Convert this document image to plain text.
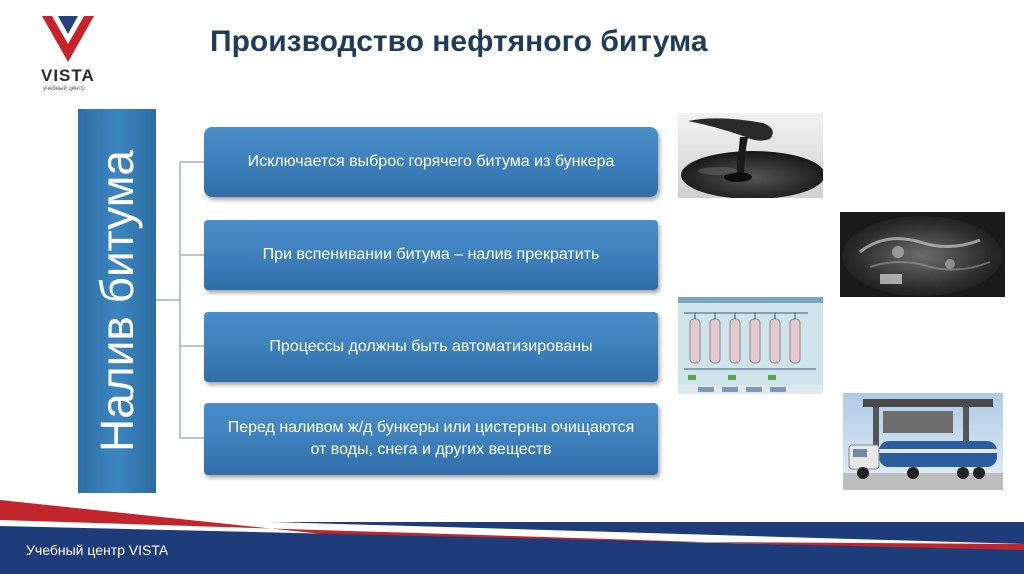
VISTA
учебный центр
Производство нефтяного битума
Налив битума	Исключается выброс горячего битума из бункера
При вспенивании битума – налив прекратить
Процессы должны быть автоматизированы
Перед наливом ж/д бункеры или цистерны очищаются от воды, снега и других веществ
Учебный центр VISTA
